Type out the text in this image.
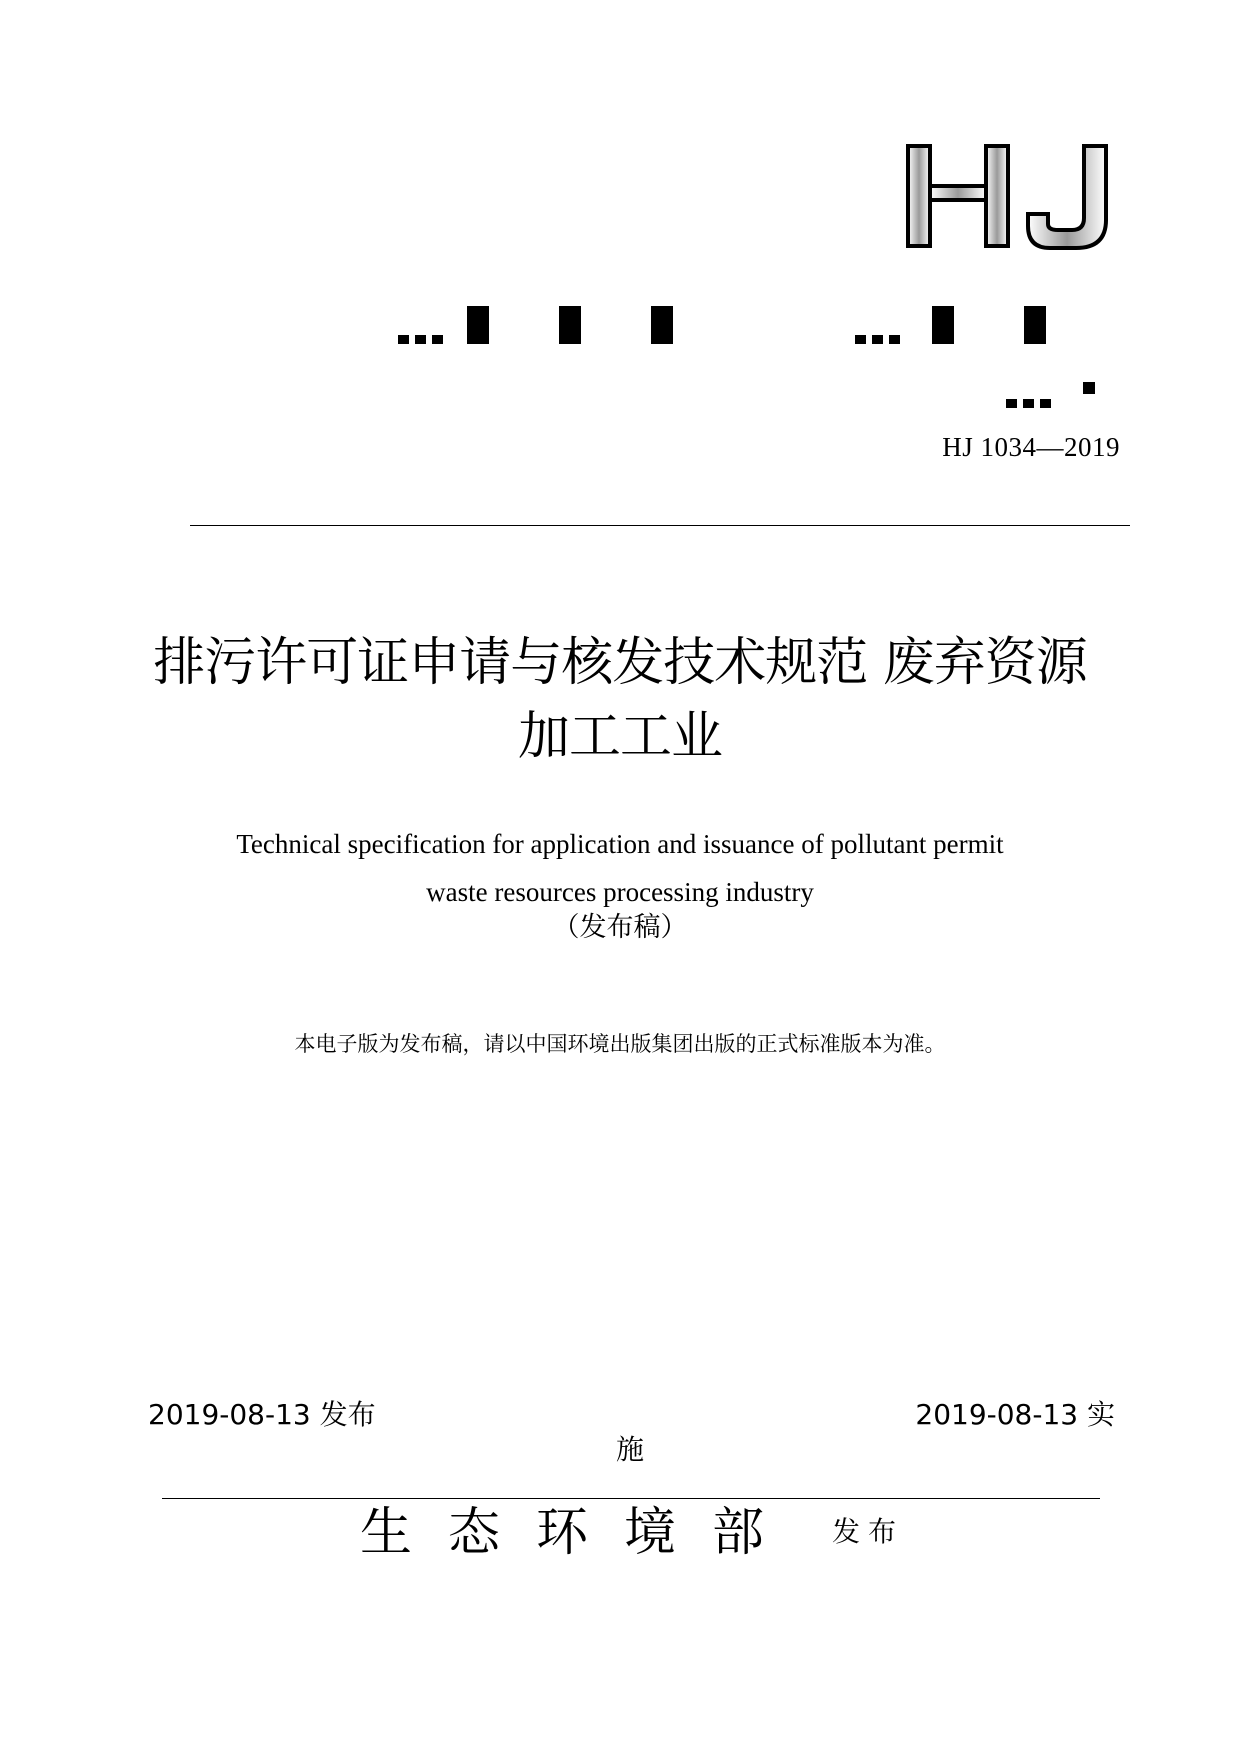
HJ 1034—2019
排污许可证申请与核发技术规范 废弃资源加工工业
Technical specification for application and issuance of pollutant permit
waste resources processing industry
（发布稿）
本电子版为发布稿，请以中国环境出版集团出版的正式标准版本为准。
2019-08-13 发布	2019-08-13 实
施
生态环境部 发布
